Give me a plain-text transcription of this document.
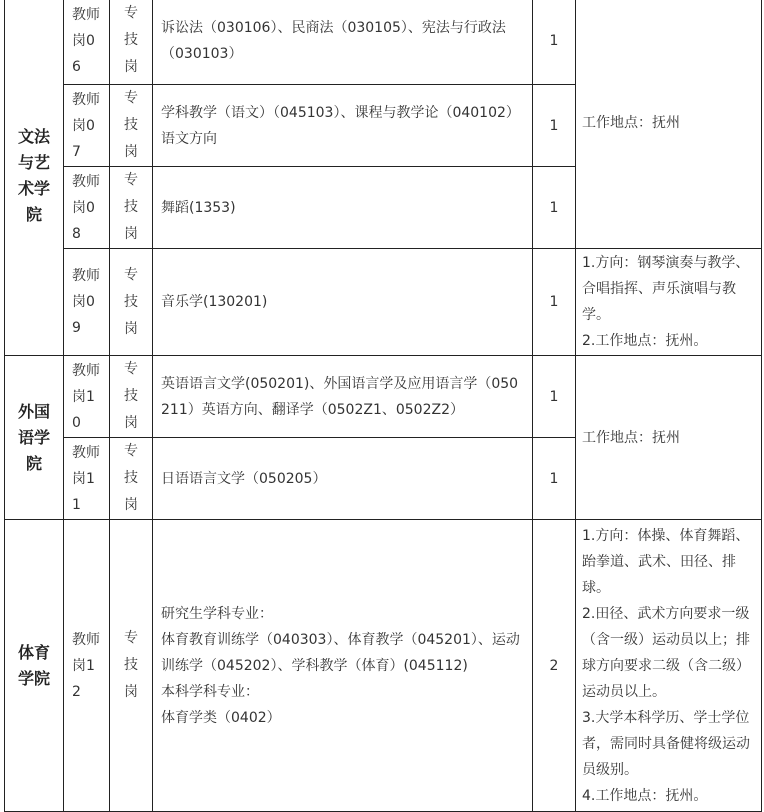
文法与艺术学院	教师岗06	专技岗	诉讼法（030106）、民商法（030105）、宪法与行政法（030103）	1	工作地点：抚州
	教师岗07	专技岗	学科教学（语文）（045103）、课程与教学论（040102）语文方向	1	
	教师岗08	专技岗	舞蹈(1353)	1	
	教师岗09	专技岗	音乐学(130201)	1	1.方向：钢琴演奏与教学、合唱指挥、声乐演唱与教学。
2.工作地点：抚州。

外国语学院	教师岗10	专技岗	英语语言文学(050201)、外国语言学及应用语言学（050211）英语方向、翻译学（0502Z1、0502Z2）	1	工作地点：抚州
	教师岗11	专技岗	日语语言文学（050205）	1	
体育学院	教师岗12	专技岗	研究生学科专业：
体育教育训练学（040303）、体育教学（045201）、运动训练学（045202）、学科教学（体育）(045112)
本科学科专业：
体育学类（0402）	2	1.方向：体操、体育舞蹈、跆拳道、武术、田径、排球。
2.田径、武术方向要求一级（含一级）运动员以上；排球方向要求二级（含二级）运动员以上。
3.大学本科学历、学士学位者，需同时具备健将级运动员级别。
4.工作地点：抚州。
